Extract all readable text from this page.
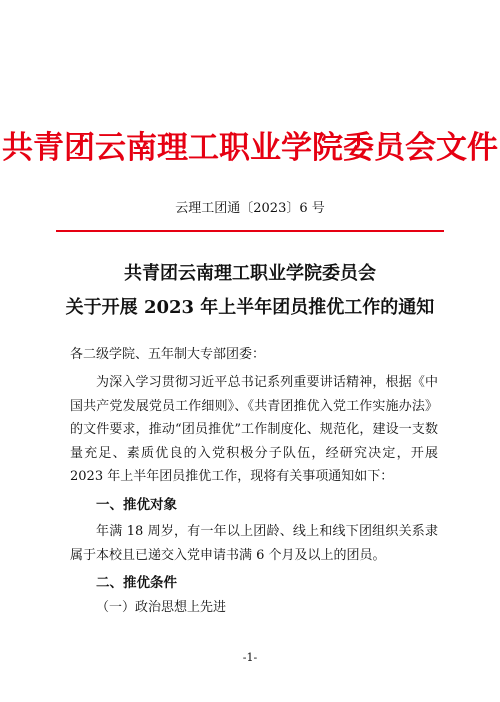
共青团云南理工职业学院委员会文件
云理工团通〔2023〕6 号
共青团云南理工职业学院委员会
关于开展 2023 年上半年团员推优工作的通知
各二级学院、五年制大专部团委：
为深入学习贯彻习近平总书记系列重要讲话精神，根据《中国共产党发展党员工作细则》、《共青团推优入党工作实施办法》的文件要求，推动“团员推优”工作制度化、规范化，建设一支数量充足、素质优良的入党积极分子队伍，经研究决定，开展 2023 年上半年团员推优工作，现将有关事项通知如下：
一、推优对象
年满 18 周岁，有一年以上团龄、线上和线下团组织关系隶属于本校且已递交入党申请书满 6 个月及以上的团员。
二、推优条件
（一）政治思想上先进
-1-
